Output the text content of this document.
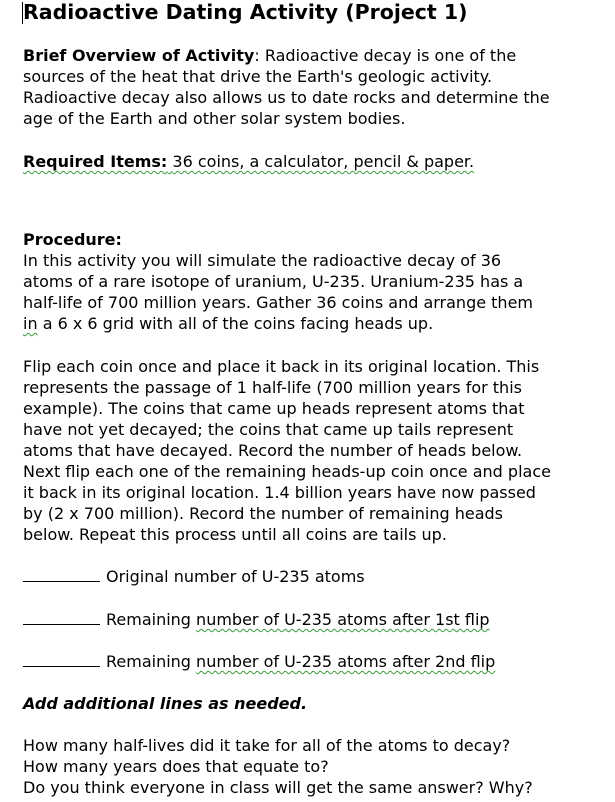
Radioactive Dating Activity (Project 1)
Brief Overview of Activity: Radioactive decay is one of the
sources of the heat that drive the Earth's geologic activity.
Radioactive decay also allows us to date rocks and determine the
age of the Earth and other solar system bodies.
Required Items: 36 coins, a calculator, pencil & paper.
Procedure:
In this activity you will simulate the radioactive decay of 36
atoms of a rare isotope of uranium, U-235. Uranium-235 has a
half-life of 700 million years. Gather 36 coins and arrange them
in a 6 x 6 grid with all of the coins facing heads up.
Flip each coin once and place it back in its original location. This
represents the passage of 1 half-life (700 million years for this
example). The coins that came up heads represent atoms that
have not yet decayed; the coins that came up tails represent
atoms that have decayed. Record the number of heads below.
Next flip each one of the remaining heads-up coin once and place
it back in its original location. 1.4 billion years have now passed
by (2 x 700 million). Record the number of remaining heads
below. Repeat this process until all coins are tails up.
Original number of U-235 atoms
Remaining number of U-235 atoms after 1st flip
Remaining number of U-235 atoms after 2nd flip
Add additional lines as needed.
How many half-lives did it take for all of the atoms to decay?
How many years does that equate to?
Do you think everyone in class will get the same answer? Why?
